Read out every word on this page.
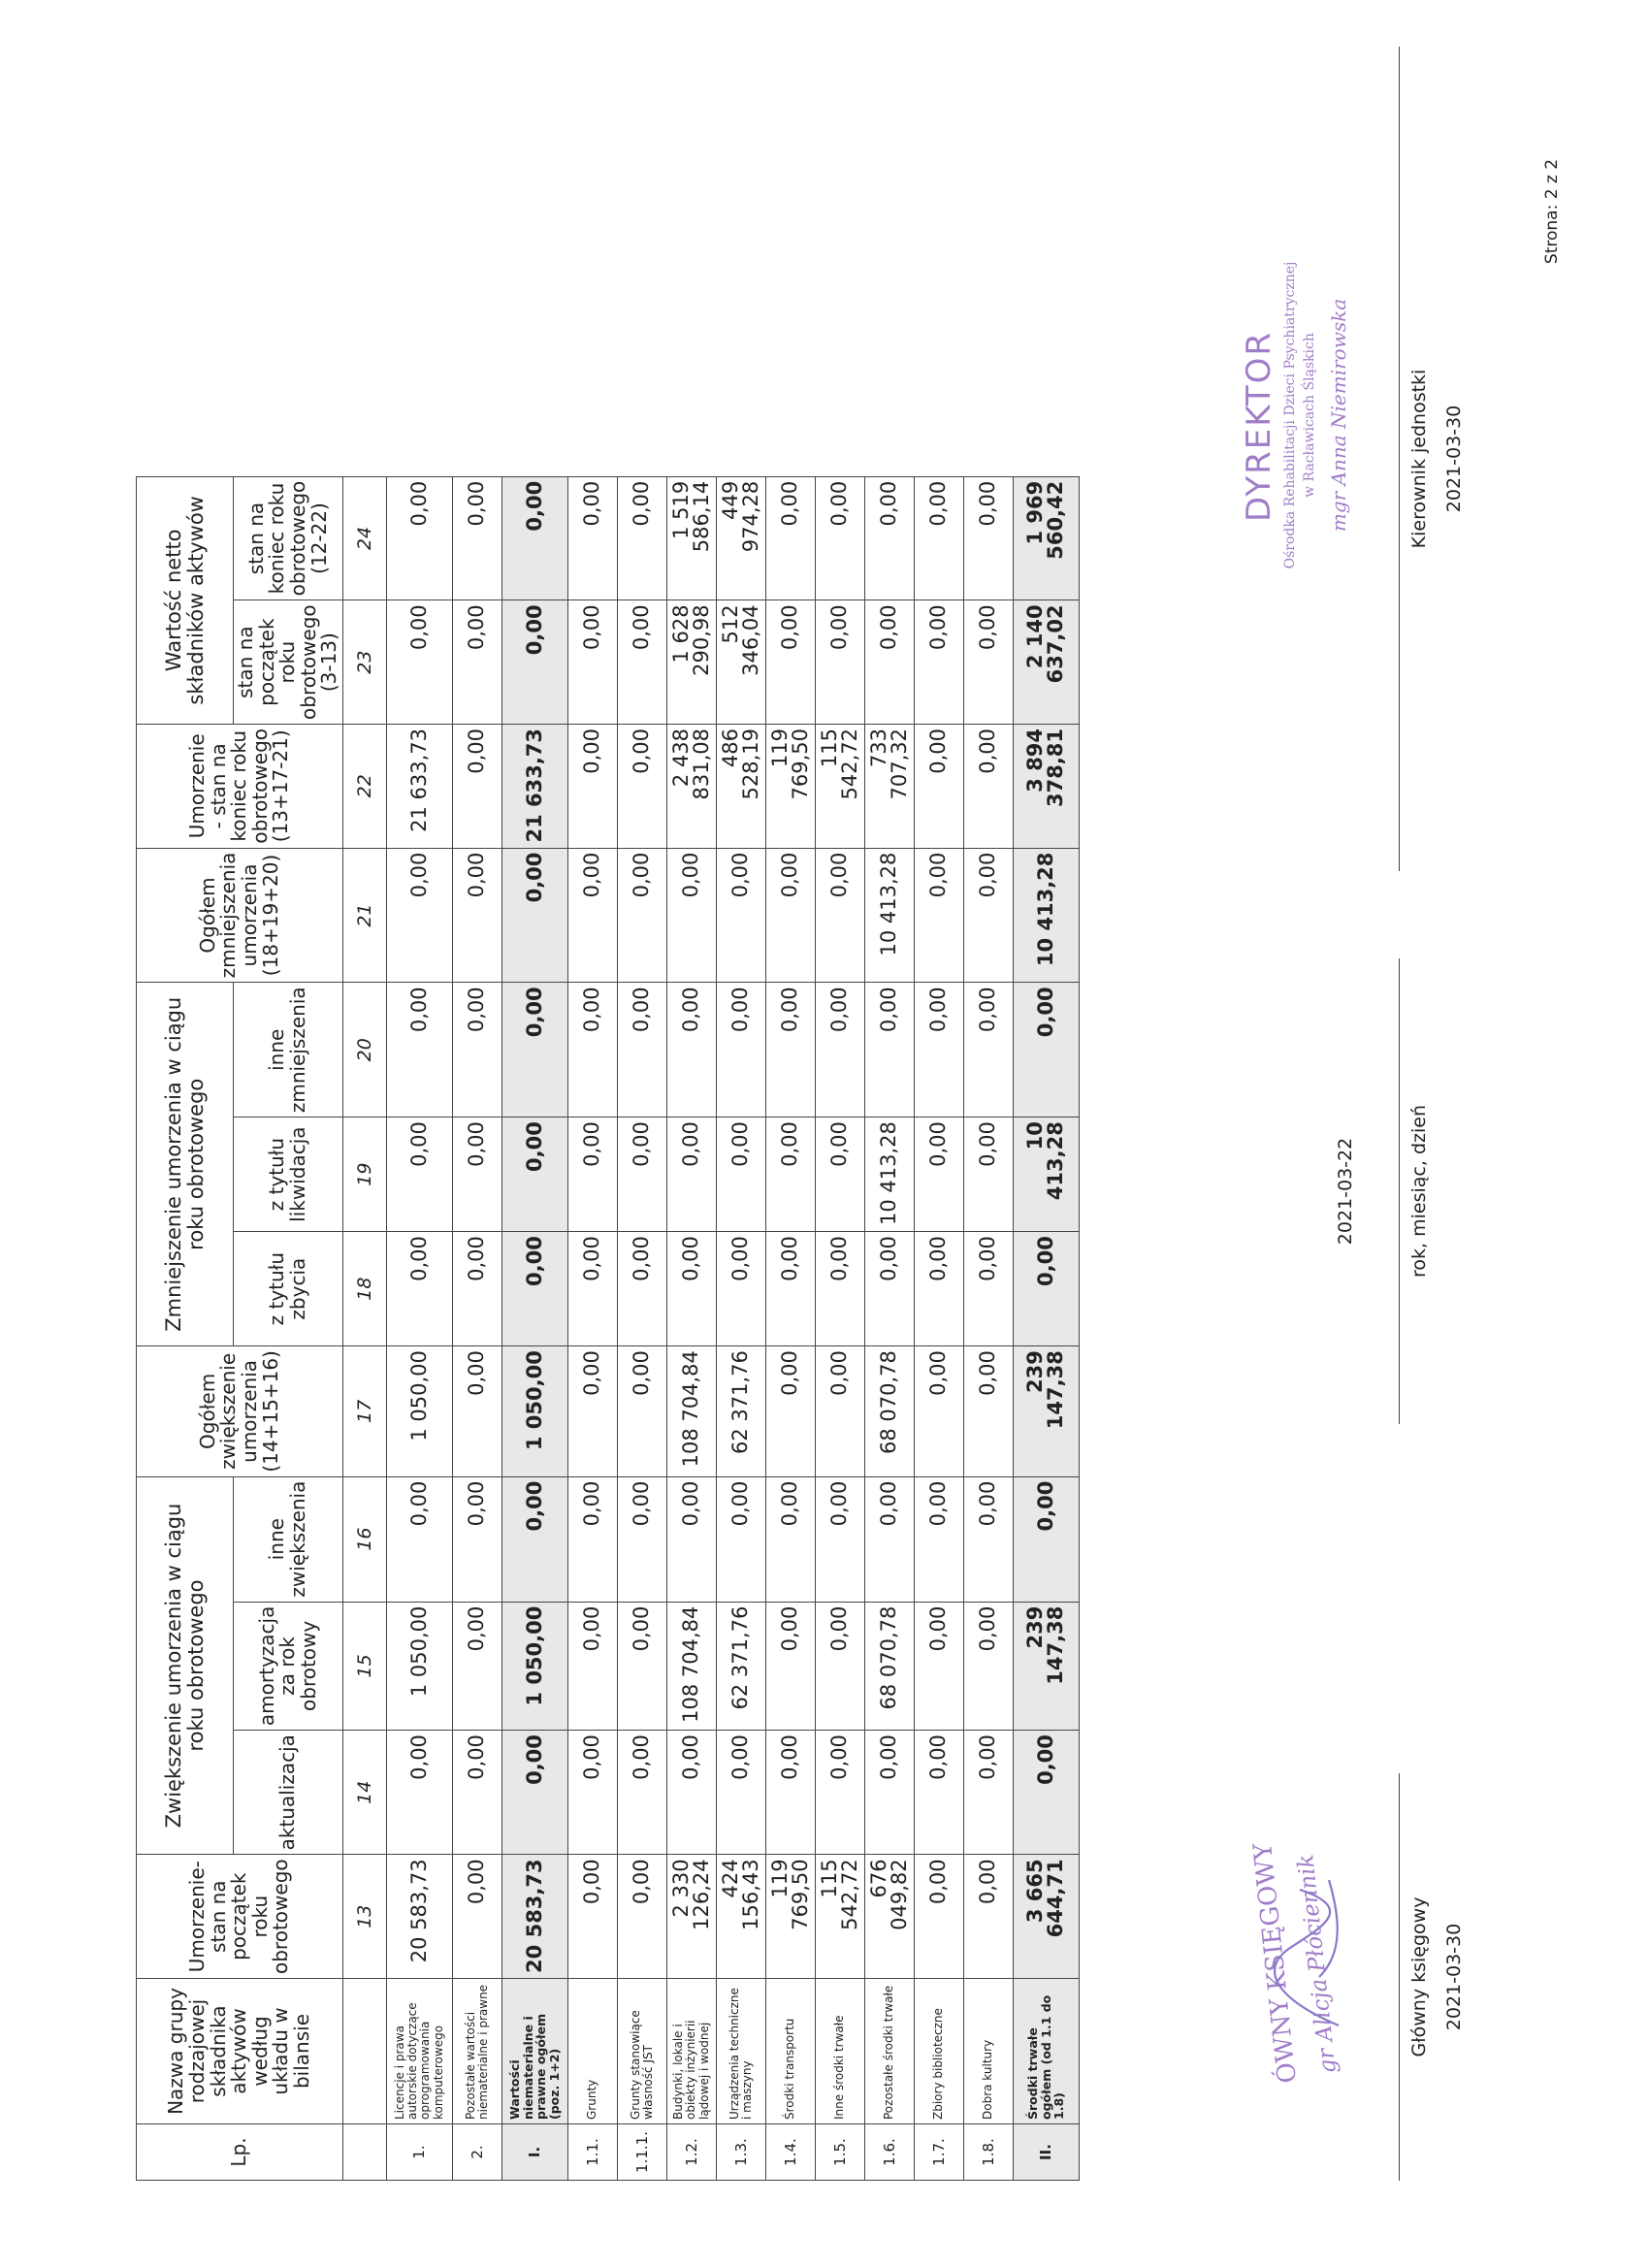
Lp.	Nazwa grupy rodzajowej składnika aktywów według układu w bilansie	Umorzenie- stan na początek roku obrotowego	Zwiększenie umorzenia w ciągu roku obrotowego			Ogółem zwiększenie umorzenia (14+15+16)	Zmniejszenie umorzenia w ciągu roku obrotowego			Ogółem zmniejszenia umorzenia (18+19+20)	Umorzenie - stan na koniec roku obrotowego (13+17-21)	Wartość netto składników aktywów	
			aktualizacja	amortyzacja za rok obrotowy	inne zwiększenia		z tytułu zbycia	z tytułu likwidacja	inne zmniejszenia			stan na początek roku obrotowego (3-13)	stan na koniec roku obrotowego (12-22)
		13	14	15	16	17	18	19	20	21	22	23	24
1.	Licencje i prawa autorskie dotyczące oprogramowania komputerowego	20 583,73	0,00	1 050,00	0,00	1 050,00	0,00	0,00	0,00	0,00	21 633,73	0,00	0,00
2.	Pozostałe wartości niematerialne i prawne	0,00	0,00	0,00	0,00	0,00	0,00	0,00	0,00	0,00	0,00	0,00	0,00
I.	Wartości niematerialne i prawne ogółem (poz. 1+2)	20 583,73	0,00	1 050,00	0,00	1 050,00	0,00	0,00	0,00	0,00	21 633,73	0,00	0,00
1.1.	Grunty	0,00	0,00	0,00	0,00	0,00	0,00	0,00	0,00	0,00	0,00	0,00	0,00
1.1.1.	Grunty stanowiące własność JST	0,00	0,00	0,00	0,00	0,00	0,00	0,00	0,00	0,00	0,00	0,00	0,00
1.2.	Budynki, lokale i obiekty inżynierii lądowej i wodnej	2 330 126,24	0,00	108 704,84	0,00	108 704,84	0,00	0,00	0,00	0,00	2 438 831,08	1 628 290,98	1 519 586,14
1.3.	Urządzenia techniczne i maszyny	424 156,43	0,00	62 371,76	0,00	62 371,76	0,00	0,00	0,00	0,00	486 528,19	512 346,04	449 974,28
1.4.	Środki transportu	119 769,50	0,00	0,00	0,00	0,00	0,00	0,00	0,00	0,00	119 769,50	0,00	0,00
1.5.	Inne środki trwałe	115 542,72	0,00	0,00	0,00	0,00	0,00	0,00	0,00	0,00	115 542,72	0,00	0,00
1.6.	Pozostałe środki trwałe	676 049,82	0,00	68 070,78	0,00	68 070,78	0,00	10 413,28	0,00	10 413,28	733 707,32	0,00	0,00
1.7.	Zbiory biblioteczne	0,00	0,00	0,00	0,00	0,00	0,00	0,00	0,00	0,00	0,00	0,00	0,00
1.8.	Dobra kultury	0,00	0,00	0,00	0,00	0,00	0,00	0,00	0,00	0,00	0,00	0,00	0,00
II.	Środki trwałe ogółem (od 1.1 do 1.8)	3 665 644,71	0,00	239 147,38	0,00	239 147,38	0,00	10 413,28	0,00	10 413,28	3 894 378,81	2 140 637,02	1 969 560,42
ÓWNY KSIĘGOWY
gr Alicja Płóciennik	Główny księgowy 2021-03-30
2021-03-22	rok, miesiąc, dzień
DYREKTOR Ośrodka Rehabilitacji Dzieci Psychiatrycznej w Racławicach Śląskich mgr Anna Niemirowska	Kierownik jednostki 2021-03-30
Strona: 2 z 2
